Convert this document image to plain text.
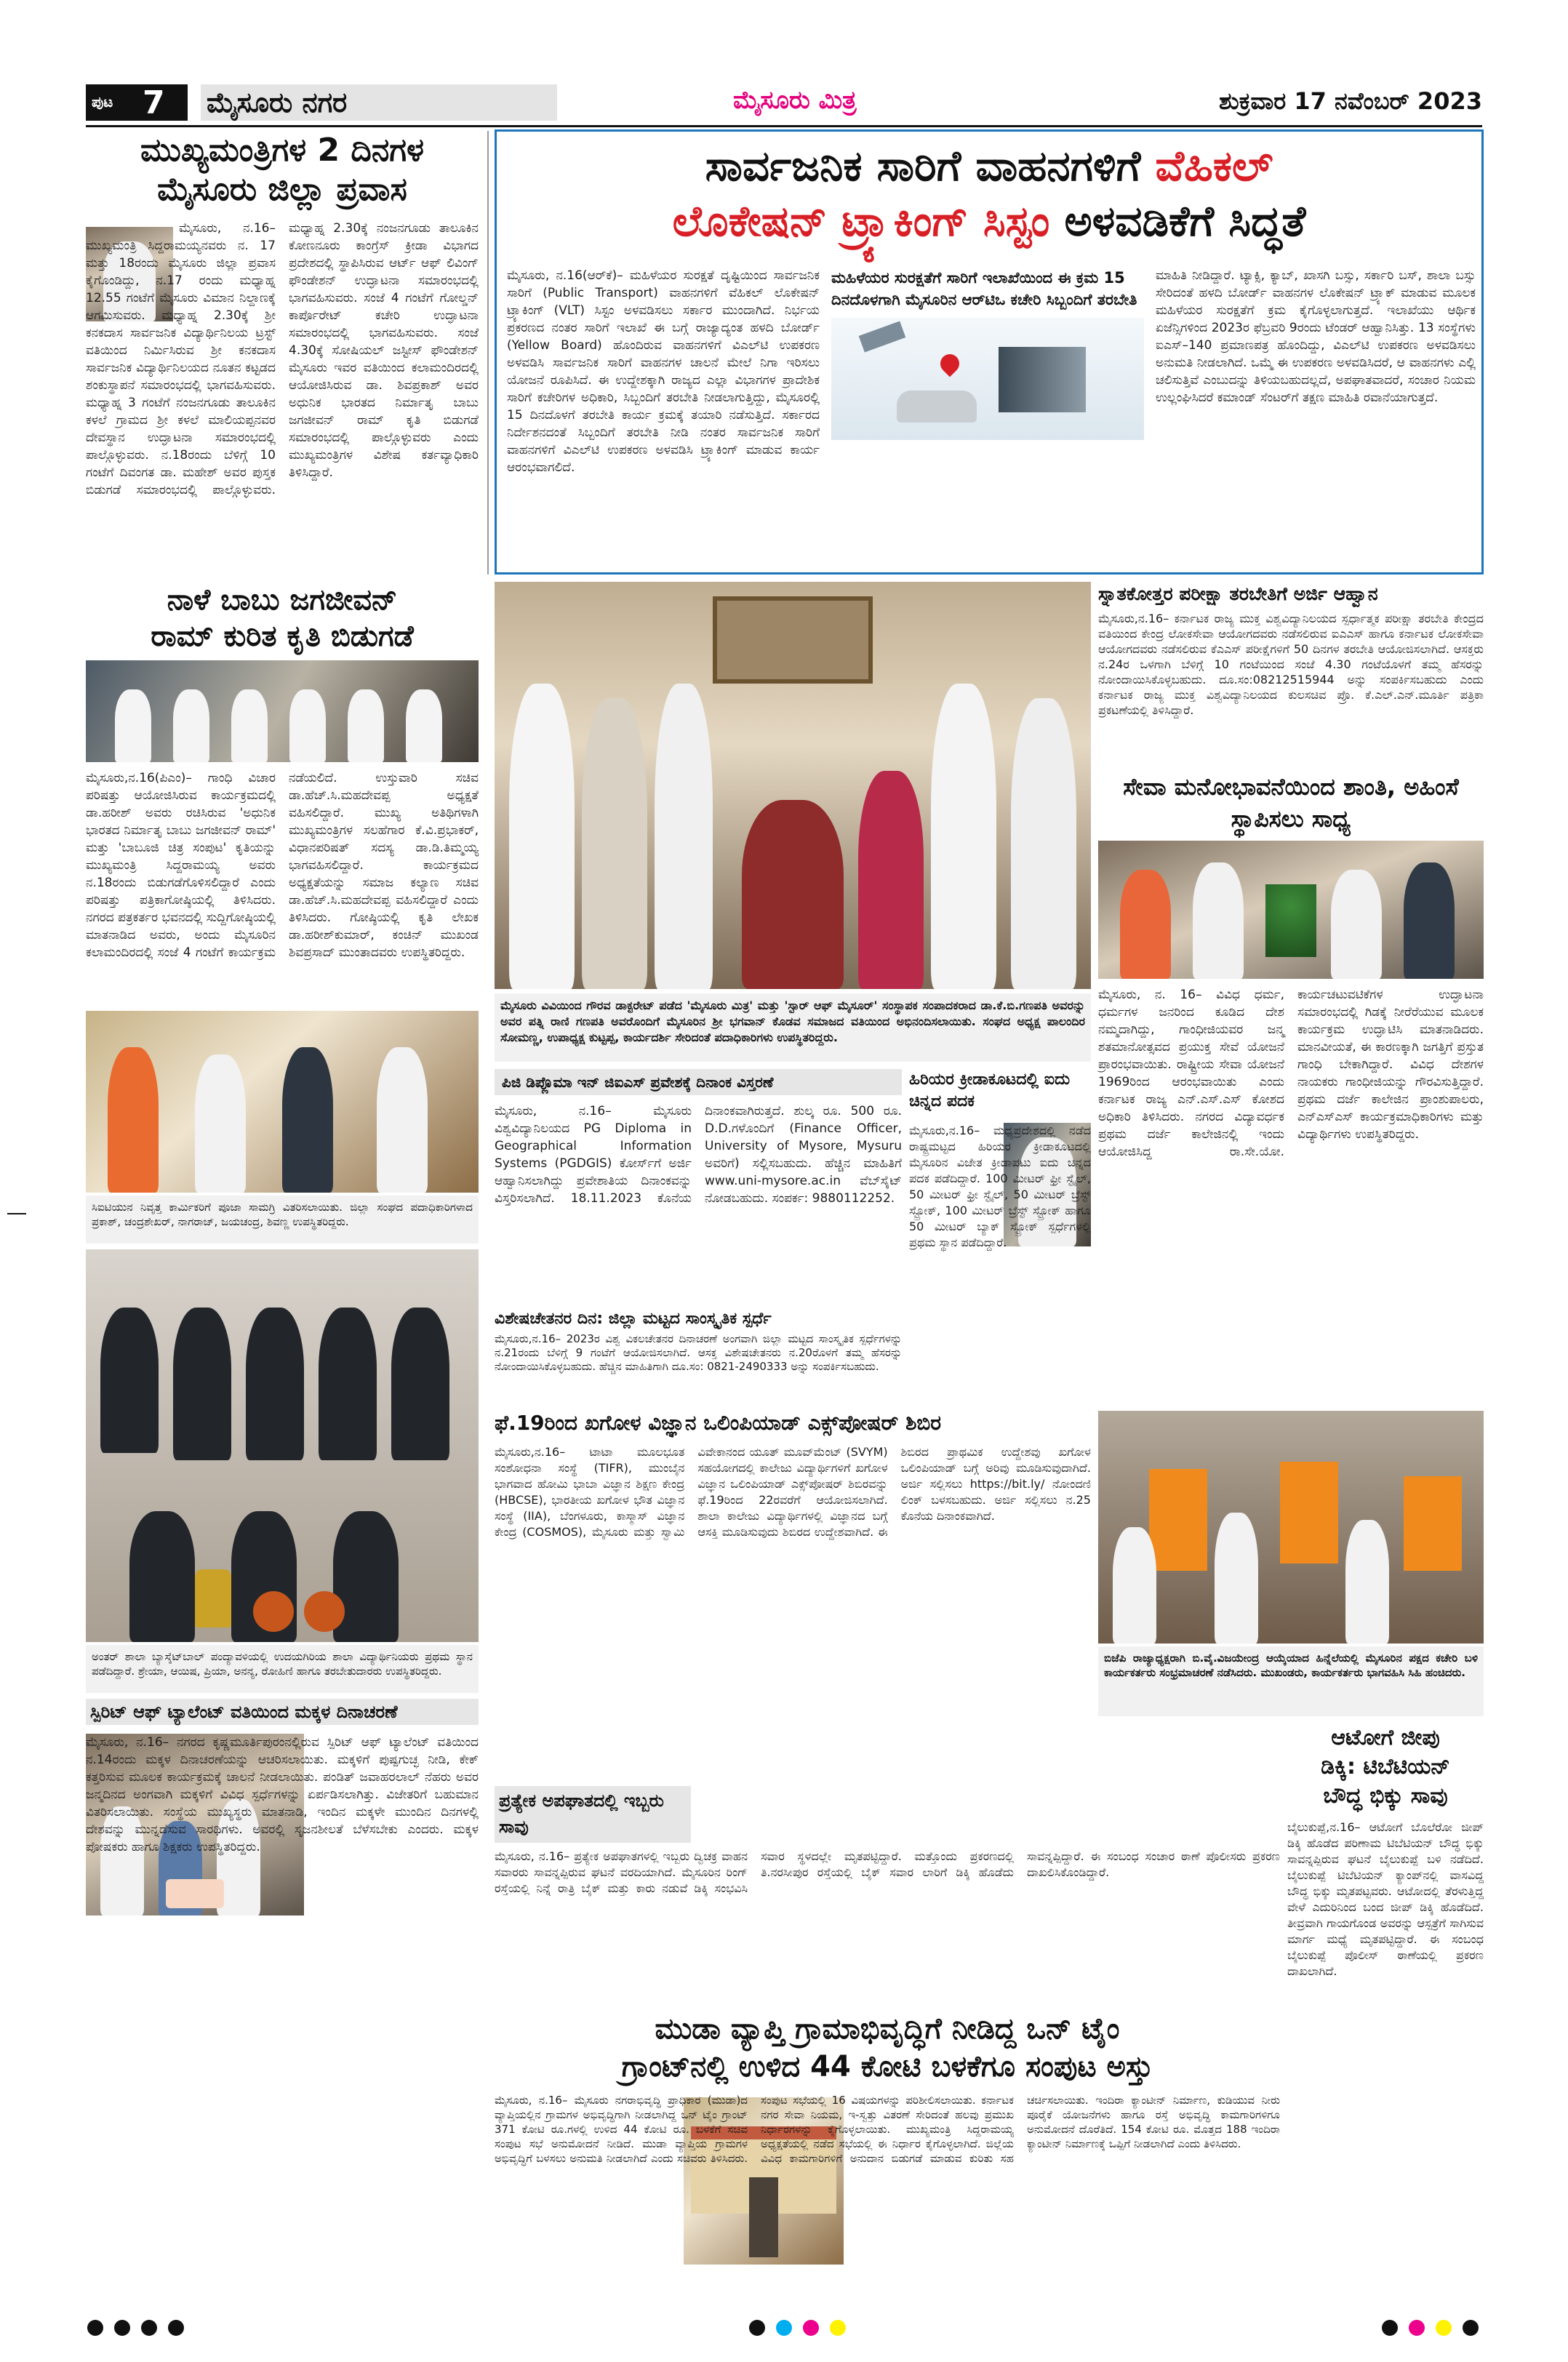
ಪುಟ 7 ಮೈಸೂರು ನಗರ	ಮೈಸೂರು ಮಿತ್ರ	ಶುಕ್ರವಾರ 17 ನವೆಂಬರ್ 2023
ಮುಖ್ಯಮಂತ್ರಿಗಳ 2 ದಿನಗಳ
ಮೈಸೂರು ಜಿಲ್ಲಾ ಪ್ರವಾಸ
ಮೈಸೂರು, ನ.16– ಮುಖ್ಯಮಂತ್ರಿ ಸಿದ್ದರಾಮಯ್ಯನವರು ನ. 17 ಮತ್ತು 18ರಂದು ಮೈಸೂರು ಜಿಲ್ಲಾ ಪ್ರವಾಸ ಕೈಗೊಂಡಿದ್ದು, ನ.17 ರಂದು ಮಧ್ಯಾಹ್ನ 12.55 ಗಂಟೆಗೆ ಮೈಸೂರು ವಿಮಾನ ನಿಲ್ದಾಣಕ್ಕೆ ಆಗಮಿಸುವರು. ಮಧ್ಯಾಹ್ನ 2.30ಕ್ಕೆ ಶ್ರೀ ಕನಕದಾಸ ಸಾರ್ವಜನಿಕ ವಿದ್ಯಾರ್ಥಿನಿಲಯ ಟ್ರಸ್ಟ್ ವತಿಯಿಂದ ನಿರ್ಮಿಸಿರುವ ಶ್ರೀ ಕನಕದಾಸ ಸಾರ್ವಜನಿಕ ವಿದ್ಯಾರ್ಥಿನಿಲಯದ ನೂತನ ಕಟ್ಟಡದ ಶಂಕುಸ್ಥಾಪನೆ ಸಮಾರಂಭದಲ್ಲಿ ಭಾಗವಹಿಸುವರು. ಮಧ್ಯಾಹ್ನ 3 ಗಂಟೆಗೆ ನಂಜನಗೂಡು ತಾಲೂಕಿನ ಕಳಲೆ ಗ್ರಾಮದ ಶ್ರೀ ಕಳಲೆ ಮಾಲಿಯಪ್ಪನವರ ದೇವಸ್ಥಾನ ಉದ್ಘಾಟನಾ ಸಮಾರಂಭದಲ್ಲಿ ಪಾಲ್ಗೊಳ್ಳುವರು. ನ.18ರಂದು ಬೆಳಿಗ್ಗೆ 10 ಗಂಟೆಗೆ ದಿವಂಗತ ಡಾ. ಮಹೇಶ್ ಅವರ ಪುಸ್ತಕ ಬಿಡುಗಡೆ ಸಮಾರಂಭದಲ್ಲಿ ಪಾಲ್ಗೊಳ್ಳುವರು. ಮಧ್ಯಾಹ್ನ 2.30ಕ್ಕೆ ನಂಜನಗೂಡು ತಾಲೂಕಿನ ಕೋಣನೂರು ಕಾಂಗ್ರೆಸ್ ಕ್ರೀಡಾ ವಿಭಾಗದ ಪ್ರದೇಶದಲ್ಲಿ ಸ್ಥಾಪಿಸಿರುವ ಆರ್ಟ್ ಆಫ್ ಲಿವಿಂಗ್ ಫೌಂಡೇಶನ್ ಉದ್ಘಾಟನಾ ಸಮಾರಂಭದಲ್ಲಿ ಭಾಗವಹಿಸುವರು. ಸಂಜೆ 4 ಗಂಟೆಗೆ ಗೋಲ್ಡನ್ ಕಾರ್ಪೊರೇಟ್ ಕಚೇರಿ ಉದ್ಘಾಟನಾ ಸಮಾರಂಭದಲ್ಲಿ ಭಾಗವಹಿಸುವರು. ಸಂಜೆ 4.30ಕ್ಕೆ ಸೋಷಿಯಲ್ ಜಸ್ಟೀಸ್ ಫೌಂಡೇಶನ್ ಮೈಸೂರು ಇವರ ವತಿಯಿಂದ ಕಲಾಮಂದಿರದಲ್ಲಿ ಆಯೋಜಿಸಿರುವ ಡಾ. ಶಿವಪ್ರಕಾಶ್ ಅವರ ಅಧುನಿಕ ಭಾರತದ ನಿರ್ಮಾತೃ ಬಾಬು ಜಗಜೀವನ್ ರಾಮ್ ಕೃತಿ ಬಿಡುಗಡೆ ಸಮಾರಂಭದಲ್ಲಿ ಪಾಲ್ಗೊಳ್ಳುವರು ಎಂದು ಮುಖ್ಯಮಂತ್ರಿಗಳ ವಿಶೇಷ ಕರ್ತವ್ಯಾಧಿಕಾರಿ ತಿಳಿಸಿದ್ದಾರೆ.
ಸಾರ್ವಜನಿಕ ಸಾರಿಗೆ ವಾಹನಗಳಿಗೆ ವೆಹಿಕಲ್
ಲೊಕೇಷನ್ ಟ್ರ್ಯಾಕಿಂಗ್ ಸಿಸ್ಟಂ ಅಳವಡಿಕೆಗೆ ಸಿದ್ಧತೆ
ಮೈಸೂರು, ನ.16(ಆರ್‌ಕೆ)– ಮಹಿಳೆಯರ ಸುರಕ್ಷತೆ ದೃಷ್ಟಿಯಿಂದ ಸಾರ್ವಜನಿಕ ಸಾರಿಗೆ (Public Transport) ವಾಹನಗಳಿಗೆ ವೆಹಿಕಲ್ ಲೊಕೇಷನ್ ಟ್ರ್ಯಾಕಿಂಗ್ (VLT) ಸಿಸ್ಟಂ ಅಳವಡಿಸಲು ಸರ್ಕಾರ ಮುಂದಾಗಿದೆ. ನಿರ್ಭಯ ಪ್ರಕರಣದ ನಂತರ ಸಾರಿಗೆ ಇಲಾಖೆ ಈ ಬಗ್ಗೆ ರಾಜ್ಯಾದ್ಯಂತ ಹಳದಿ ಬೋರ್ಡ್ (Yellow Board) ಹೊಂದಿರುವ ವಾಹನಗಳಿಗೆ ವಿಎಲ್‌ಟಿ ಉಪಕರಣ ಅಳವಡಿಸಿ ಸಾರ್ವಜನಿಕ ಸಾರಿಗೆ ವಾಹನಗಳ ಚಾಲನೆ ಮೇಲೆ ನಿಗಾ ಇರಿಸಲು ಯೋಜನೆ ರೂಪಿಸಿದೆ. ಈ ಉದ್ದೇಶಕ್ಕಾಗಿ ರಾಜ್ಯದ ಎಲ್ಲಾ ವಿಭಾಗಗಳ ಪ್ರಾದೇಶಿಕ ಸಾರಿಗೆ ಕಚೇರಿಗಳ ಅಧಿಕಾರಿ, ಸಿಬ್ಬಂದಿಗೆ ತರಬೇತಿ ನೀಡಲಾಗುತ್ತಿದ್ದು, ಮೈಸೂರಲ್ಲಿ 15 ದಿನದೊಳಗೆ ತರಬೇತಿ ಕಾರ್ಯ ಕ್ರಮಕ್ಕೆ ತಯಾರಿ ನಡೆಸುತ್ತಿದೆ. ಸರ್ಕಾರದ ನಿರ್ದೇಶನದಂತೆ ಸಿಬ್ಬಂದಿಗೆ ತರಬೇತಿ ನೀಡಿ ನಂತರ ಸಾರ್ವಜನಿಕ ಸಾರಿಗೆ ವಾಹನಗಳಿಗೆ ವಿಎಲ್‌ಟಿ ಉಪಕರಣ ಅಳವಡಿಸಿ ಟ್ರ್ಯಾಕಿಂಗ್ ಮಾಡುವ ಕಾರ್ಯ ಆರಂಭವಾಗಲಿದೆ.
ಮಹಿಳೆಯರ ಸುರಕ್ಷತೆಗೆ ಸಾರಿಗೆ ಇಲಾಖೆಯಿಂದ ಈ ಕ್ರಮ 15 ದಿನದೊಳಗಾಗಿ ಮೈಸೂರಿನ ಆರ್‌ಟಿಒ ಕಚೇರಿ ಸಿಬ್ಬಂದಿಗೆ ತರಬೇತಿ
ಮಾಹಿತಿ ನೀಡಿದ್ದಾರೆ. ಟ್ಯಾಕ್ಸಿ, ಕ್ಯಾಬ್, ಖಾಸಗಿ ಬಸ್ಸು, ಸರ್ಕಾರಿ ಬಸ್, ಶಾಲಾ ಬಸ್ಸು ಸೇರಿದಂತೆ ಹಳದಿ ಬೋರ್ಡ್ ವಾಹನಗಳ ಲೊಕೇಷನ್ ಟ್ರ್ಯಾಕ್ ಮಾಡುವ ಮೂಲಕ ಮಹಿಳೆಯರ ಸುರಕ್ಷತೆಗೆ ಕ್ರಮ ಕೈಗೊಳ್ಳಲಾಗುತ್ತದೆ. ಇಲಾಖೆಯು ಆರ್ಥಿಕ ಏಜೆನ್ಸಿಗಳಿಂದ 2023ರ ಫೆಬ್ರವರಿ 9ರಂದು ಟೆಂಡರ್ ಆಹ್ವಾನಿಸಿತ್ತು. 13 ಸಂಸ್ಥೆಗಳು ಐಎಸ್–140 ಪ್ರಮಾಣಪತ್ರ ಹೊಂದಿದ್ದು, ವಿಎಲ್‌ಟಿ ಉಪಕರಣ ಅಳವಡಿಸಲು ಅನುಮತಿ ನೀಡಲಾಗಿದೆ. ಒಮ್ಮೆ ಈ ಉಪಕರಣ ಅಳವಡಿಸಿದರೆ, ಆ ವಾಹನಗಳು ಎಲ್ಲಿ ಚಲಿಸುತ್ತಿವೆ ಎಂಬುದನ್ನು ತಿಳಿಯಬಹುದಲ್ಲದೆ, ಅಪಘಾತವಾದರೆ, ಸಂಚಾರ ನಿಯಮ ಉಲ್ಲಂಘಿಸಿದರೆ ಕಮಾಂಡ್ ಸೆಂಟರ್‌ಗೆ ತಕ್ಷಣ ಮಾಹಿತಿ ರವಾನೆಯಾಗುತ್ತದೆ.
ನಾಳೆ ಬಾಬು ಜಗಜೀವನ್
ರಾಮ್ ಕುರಿತ ಕೃತಿ ಬಿಡುಗಡೆ
ಮೈಸೂರು,ನ.16(ಪಿಎಂ)– ಗಾಂಧಿ ವಿಚಾರ ಪರಿಷತ್ತು ಆಯೋಜಿಸಿರುವ ಕಾರ್ಯಕ್ರಮದಲ್ಲಿ ಡಾ.ಹರೀಶ್ ಅವರು ರಚಿಸಿರುವ 'ಅಧುನಿಕ ಭಾರತದ ನಿರ್ಮಾತೃ ಬಾಬು ಜಗಜೀವನ್ ರಾಮ್' ಮತ್ತು 'ಬಾಬೂಜಿ ಚಿತ್ರ ಸಂಪುಟ' ಕೃತಿಯನ್ನು ಮುಖ್ಯಮಂತ್ರಿ ಸಿದ್ದರಾಮಯ್ಯ ಅವರು ನ.18ರಂದು ಬಿಡುಗಡೆಗೊಳಿಸಲಿದ್ದಾರೆ ಎಂದು ಪರಿಷತ್ತು ಪತ್ರಿಕಾಗೋಷ್ಠಿಯಲ್ಲಿ ತಿಳಿಸಿದರು. ನಗರದ ಪತ್ರಕರ್ತರ ಭವನದಲ್ಲಿ ಸುದ್ದಿಗೋಷ್ಠಿಯಲ್ಲಿ ಮಾತನಾಡಿದ ಅವರು, ಅಂದು ಮೈಸೂರಿನ ಕಲಾಮಂದಿರದಲ್ಲಿ ಸಂಜೆ 4 ಗಂಟೆಗೆ ಕಾರ್ಯಕ್ರಮ ನಡೆಯಲಿದೆ. ಉಸ್ತುವಾರಿ ಸಚಿವ ಡಾ.ಹೆಚ್.ಸಿ.ಮಹದೇವಪ್ಪ ಅಧ್ಯಕ್ಷತೆ ವಹಿಸಲಿದ್ದಾರೆ. ಮುಖ್ಯ ಅತಿಥಿಗಳಾಗಿ ಮುಖ್ಯಮಂತ್ರಿಗಳ ಸಲಹೆಗಾರ ಕೆ.ವಿ.ಪ್ರಭಾಕರ್, ವಿಧಾನಪರಿಷತ್ ಸದಸ್ಯ ಡಾ.ಡಿ.ತಿಮ್ಮಯ್ಯ ಭಾಗವಹಿಸಲಿದ್ದಾರೆ. ಕಾರ್ಯಕ್ರಮದ ಅಧ್ಯಕ್ಷತೆಯನ್ನು ಸಮಾಜ ಕಲ್ಯಾಣ ಸಚಿವ ಡಾ.ಹೆಚ್.ಸಿ.ಮಹದೇವಪ್ಪ ವಹಿಸಲಿದ್ದಾರೆ ಎಂದು ತಿಳಿಸಿದರು. ಗೋಷ್ಠಿಯಲ್ಲಿ ಕೃತಿ ಲೇಖಕ ಡಾ.ಹರೀಶ್‌ಕುಮಾರ್, ಕಂಚಿನ್ ಮುಖಂಡ ಶಿವಪ್ರಸಾದ್ ಮುಂತಾದವರು ಉಪಸ್ಥಿತರಿದ್ದರು.
ಸಿಐಟಿಯುನ ನಿವೃತ್ತ ಕಾರ್ಮಿಕರಿಗೆ ಪೂಜಾ ಸಾಮಗ್ರಿ ವಿತರಿಸಲಾಯಿತು. ಜಿಲ್ಲಾ ಸಂಘದ ಪದಾಧಿಕಾರಿಗಳಾದ ಪ್ರಕಾಶ್, ಚಂದ್ರಶೇಖರ್, ನಾಗರಾಜ್, ಜಯಚಂದ್ರ, ಶಿವಣ್ಣ ಉಪಸ್ಥಿತರಿದ್ದರು.
ಅಂತರ್ ಶಾಲಾ ಬ್ಯಾಸ್ಕೆಟ್‌ಬಾಲ್ ಪಂದ್ಯಾವಳಿಯಲ್ಲಿ ಉದಯಗಿರಿಯ ಶಾಲಾ ವಿದ್ಯಾರ್ಥಿನಿಯರು ಪ್ರಥಮ ಸ್ಥಾನ ಪಡೆದಿದ್ದಾರೆ. ಶ್ರೇಯಾ, ಆಯಿಷ, ಪ್ರಿಯಾ, ಅನನ್ಯ, ರೋಹಿಣಿ ಹಾಗೂ ತರಬೇತುದಾರರು ಉಪಸ್ಥಿತರಿದ್ದರು.
ಸ್ಪಿರಿಟ್ ಆಫ್ ಟ್ಯಾಲೆಂಟ್ ವತಿಯಿಂದ ಮಕ್ಕಳ ದಿನಾಚರಣೆ
ಮೈಸೂರು, ನ.16– ನಗರದ ಕೃಷ್ಣಮೂರ್ತಿಪುರಂನಲ್ಲಿರುವ ಸ್ಪಿರಿಟ್ ಆಫ್ ಟ್ಯಾಲೆಂಟ್ ವತಿಯಿಂದ ನ.14ರಂದು ಮಕ್ಕಳ ದಿನಾಚರಣೆಯನ್ನು ಆಚರಿಸಲಾಯಿತು. ಮಕ್ಕಳಿಗೆ ಪುಷ್ಪಗುಚ್ಛ ನೀಡಿ, ಕೇಕ್ ಕತ್ತರಿಸುವ ಮೂಲಕ ಕಾರ್ಯಕ್ರಮಕ್ಕೆ ಚಾಲನೆ ನೀಡಲಾಯಿತು. ಪಂಡಿತ್ ಜವಾಹರಲಾಲ್ ನೆಹರು ಅವರ ಜನ್ಮದಿನದ ಅಂಗವಾಗಿ ಮಕ್ಕಳಿಗೆ ವಿವಿಧ ಸ್ಪರ್ಧೆಗಳನ್ನು ಏರ್ಪಡಿಸಲಾಗಿತ್ತು. ವಿಜೇತರಿಗೆ ಬಹುಮಾನ ವಿತರಿಸಲಾಯಿತು. ಸಂಸ್ಥೆಯ ಮುಖ್ಯಸ್ಥರು ಮಾತನಾಡಿ, ಇಂದಿನ ಮಕ್ಕಳೇ ಮುಂದಿನ ದಿನಗಳಲ್ಲಿ ದೇಶವನ್ನು ಮುನ್ನಡೆಸುವ ಸಾರಥಿಗಳು. ಅವರಲ್ಲಿ ಸೃಜನಶೀಲತೆ ಬೆಳೆಸಬೇಕು ಎಂದರು. ಮಕ್ಕಳ ಪೋಷಕರು ಹಾಗೂ ಶಿಕ್ಷಕರು ಉಪಸ್ಥಿತರಿದ್ದರು.
ಮೈಸೂರು ವಿವಿಯಿಂದ ಗೌರವ ಡಾಕ್ಟರೇಟ್ ಪಡೆದ 'ಮೈಸೂರು ಮಿತ್ರ' ಮತ್ತು 'ಸ್ಟಾರ್ ಆಫ್ ಮೈಸೂರ್' ಸಂಸ್ಥಾಪಕ ಸಂಪಾದಕರಾದ ಡಾ.ಕೆ.ಬಿ.ಗಣಪತಿ ಅವರನ್ನು ಅವರ ಪತ್ನಿ ರಾಣಿ ಗಣಪತಿ ಅವರೊಂದಿಗೆ ಮೈಸೂರಿನ ಶ್ರೀ ಭಗವಾನ್ ಕೊಡವ ಸಮಾಜದ ವತಿಯಿಂದ ಅಭಿನಂದಿಸಲಾಯಿತು. ಸಂಘದ ಅಧ್ಯಕ್ಷ ಪಾಲಂದಿರ ಸೋಮಣ್ಣ, ಉಪಾಧ್ಯಕ್ಷ ಕುಟ್ಟಪ್ಪ, ಕಾರ್ಯದರ್ಶಿ ಸೇರಿದಂತೆ ಪದಾಧಿಕಾರಿಗಳು ಉಪಸ್ಥಿತರಿದ್ದರು.
ಪಿಜಿ ಡಿಪ್ಲೊಮಾ ಇನ್ ಜಿಐಎಸ್ ಪ್ರವೇಶಕ್ಕೆ ದಿನಾಂಕ ವಿಸ್ತರಣೆ
ಮೈಸೂರು, ನ.16– ಮೈಸೂರು ವಿಶ್ವವಿದ್ಯಾನಿಲಯದ PG Diploma in Geographical Information Systems (PGDGIS) ಕೋರ್ಸ್‌ಗೆ ಅರ್ಜಿ ಆಹ್ವಾನಿಸಲಾಗಿದ್ದು ಪ್ರವೇಶಾತಿಯ ದಿನಾಂಕವನ್ನು ವಿಸ್ತರಿಸಲಾಗಿದೆ. 18.11.2023 ಕೊನೆಯ ದಿನಾಂಕವಾಗಿರುತ್ತದೆ. ಶುಲ್ಕ ರೂ. 500 ರೂ. D.D.ಗಳೊಂದಿಗೆ (Finance Officer, University of Mysore, Mysuru ಅವರಿಗೆ) ಸಲ್ಲಿಸಬಹುದು. ಹೆಚ್ಚಿನ ಮಾಹಿತಿಗೆ www.uni-mysore.ac.in ವೆಬ್‌ಸೈಟ್ ನೋಡಬಹುದು. ಸಂಪರ್ಕ: 9880112252.
ಹಿರಿಯರ ಕ್ರೀಡಾಕೂಟದಲ್ಲಿ ಐದು ಚಿನ್ನದ ಪದಕ
ಮೈಸೂರು,ನ.16– ಮಧ್ಯಪ್ರದೇಶದಲ್ಲಿ ನಡೆದ ರಾಷ್ಟ್ರಮಟ್ಟದ ಹಿರಿಯರ ಕ್ರೀಡಾಕೂಟದಲ್ಲಿ ಮೈಸೂರಿನ ವಿಜೇತ ಕ್ರೀಡಾಪಟು ಐದು ಚಿನ್ನದ ಪದಕ ಪಡೆದಿದ್ದಾರೆ. 100 ಮೀಟರ್ ಫ್ರೀ ಸ್ಟೈಲ್, 50 ಮೀಟರ್ ಫ್ರೀ ಸ್ಟೈಲ್, 50 ಮೀಟರ್ ಬ್ರೆಸ್ಟ್ ಸ್ಟ್ರೋಕ್, 100 ಮೀಟರ್ ಬ್ರೆಸ್ಟ್ ಸ್ಟ್ರೋಕ್ ಹಾಗೂ 50 ಮೀಟರ್ ಬ್ಯಾಕ್ ಸ್ಟ್ರೋಕ್ ಸ್ಪರ್ಧೆಗಳಲ್ಲಿ ಪ್ರಥಮ ಸ್ಥಾನ ಪಡೆದಿದ್ದಾರೆ.
ವಿಶೇಷಚೇತನರ ದಿನ: ಜಿಲ್ಲಾ ಮಟ್ಟದ ಸಾಂಸ್ಕೃತಿಕ ಸ್ಪರ್ಧೆ
ಮೈಸೂರು,ನ.16– 2023ರ ವಿಶ್ವ ವಿಕಲಚೇತನರ ದಿನಾಚರಣೆ ಅಂಗವಾಗಿ ಜಿಲ್ಲಾ ಮಟ್ಟದ ಸಾಂಸ್ಕೃತಿಕ ಸ್ಪರ್ಧೆಗಳನ್ನು ನ.21ರಂದು ಬೆಳಿಗ್ಗೆ 9 ಗಂಟೆಗೆ ಆಯೋಜಿಸಲಾಗಿದೆ. ಆಸಕ್ತ ವಿಶೇಷಚೇತನರು ನ.20ರೊಳಗೆ ತಮ್ಮ ಹೆಸರನ್ನು ನೋಂದಾಯಿಸಿಕೊಳ್ಳಬಹುದು. ಹೆಚ್ಚಿನ ಮಾಹಿತಿಗಾಗಿ ದೂ.ಸಂ: 0821-2490333 ಅನ್ನು ಸಂಪರ್ಕಿಸಬಹುದು.
ಸ್ನಾತಕೋತ್ತರ ಪರೀಕ್ಷಾ ತರಬೇತಿಗೆ ಅರ್ಜಿ ಆಹ್ವಾನ
ಮೈಸೂರು,ನ.16– ಕರ್ನಾಟಕ ರಾಜ್ಯ ಮುಕ್ತ ವಿಶ್ವವಿದ್ಯಾನಿಲಯದ ಸ್ಪರ್ಧಾತ್ಮಕ ಪರೀಕ್ಷಾ ತರಬೇತಿ ಕೇಂದ್ರದ ವತಿಯಿಂದ ಕೇಂದ್ರ ಲೋಕಸೇವಾ ಆಯೋಗದವರು ನಡೆಸಲಿರುವ ಐಎಎಸ್ ಹಾಗೂ ಕರ್ನಾಟಕ ಲೋಕಸೇವಾ ಆಯೋಗದವರು ನಡೆಸಲಿರುವ ಕೆಎಎಸ್ ಪರೀಕ್ಷೆಗಳಿಗೆ 50 ದಿನಗಳ ತರಬೇತಿ ಆಯೋಜಿಸಲಾಗಿದೆ. ಆಸಕ್ತರು ನ.24ರ ಒಳಗಾಗಿ ಬೆಳಿಗ್ಗೆ 10 ಗಂಟೆಯಿಂದ ಸಂಜೆ 4.30 ಗಂಟೆಯೊಳಗೆ ತಮ್ಮ ಹೆಸರನ್ನು ನೋಂದಾಯಿಸಿಕೊಳ್ಳಬಹುದು. ದೂ.ಸಂ:08212515944 ಅನ್ನು ಸಂಪರ್ಕಿಸಬಹುದು ಎಂದು ಕರ್ನಾಟಕ ರಾಜ್ಯ ಮುಕ್ತ ವಿಶ್ವವಿದ್ಯಾನಿಲಯದ ಕುಲಸಚಿವ ಪ್ರೊ. ಕೆ.ಎಲ್.ಎನ್.ಮೂರ್ತಿ ಪತ್ರಿಕಾ ಪ್ರಕಟಣೆಯಲ್ಲಿ ತಿಳಿಸಿದ್ದಾರೆ.
ಸೇವಾ ಮನೋಭಾವನೆಯಿಂದ ಶಾಂತಿ, ಅಹಿಂಸೆ ಸ್ಥಾಪಿಸಲು ಸಾಧ್ಯ
ಮೈಸೂರು, ನ. 16– ವಿವಿಧ ಧರ್ಮ, ಧರ್ಮಗಳ ಜನರಿಂದ ಕೂಡಿದ ದೇಶ ನಮ್ಮದಾಗಿದ್ದು, ಗಾಂಧೀಜಿಯವರ ಜನ್ಮ ಶತಮಾನೋತ್ಸವದ ಪ್ರಯುಕ್ತ ಸೇವೆ ಯೋಜನೆ ಪ್ರಾರಂಭವಾಯಿತು. ರಾಷ್ಟ್ರೀಯ ಸೇವಾ ಯೋಜನೆ 1969ರಿಂದ ಆರಂಭವಾಯಿತು ಎಂದು ಕರ್ನಾಟಕ ರಾಜ್ಯ ಎನ್.ಎಸ್.ಎಸ್ ಕೋಶದ ಅಧಿಕಾರಿ ತಿಳಿಸಿದರು. ನಗರದ ವಿದ್ಯಾವರ್ಧಕ ಪ್ರಥಮ ದರ್ಜೆ ಕಾಲೇಜಿನಲ್ಲಿ ಇಂದು ಆಯೋಜಿಸಿದ್ದ ರಾ.ಸೇ.ಯೋ. ಕಾರ್ಯಚಟುವಟಿಕೆಗಳ ಉದ್ಘಾಟನಾ ಸಮಾರಂಭದಲ್ಲಿ ಗಿಡಕ್ಕೆ ನೀರೆರೆಯುವ ಮೂಲಕ ಕಾರ್ಯಕ್ರಮ ಉದ್ಘಾಟಿಸಿ ಮಾತನಾಡಿದರು. ಮಾನವೀಯತೆ, ಈ ಕಾರಣಕ್ಕಾಗಿ ಜಗತ್ತಿಗೆ ಪ್ರಸ್ತುತ ಗಾಂಧಿ ಬೇಕಾಗಿದ್ದಾರೆ. ವಿವಿಧ ದೇಶಗಳ ನಾಯಕರು ಗಾಂಧೀಜಿಯನ್ನು ಗೌರವಿಸುತ್ತಿದ್ದಾರೆ. ಪ್ರಥಮ ದರ್ಜೆ ಕಾಲೇಜಿನ ಪ್ರಾಂಶುಪಾಲರು, ಎನ್‌ಎಸ್‌ಎಸ್ ಕಾರ್ಯಕ್ರಮಾಧಿಕಾರಿಗಳು ಮತ್ತು ವಿದ್ಯಾರ್ಥಿಗಳು ಉಪಸ್ಥಿತರಿದ್ದರು.
ಫೆ.19ರಿಂದ ಖಗೋಳ ವಿಜ್ಞಾನ ಒಲಿಂಪಿಯಾಡ್ ಎಕ್ಸ್‌ಪೋಷರ್ ಶಿಬಿರ
ಮೈಸೂರು,ನ.16– ಟಾಟಾ ಮೂಲಭೂತ ಸಂಶೋಧನಾ ಸಂಸ್ಥೆ (TIFR), ಮುಂಬೈನ ಭಾಗವಾದ ಹೋಮಿ ಭಾಬಾ ವಿಜ್ಞಾನ ಶಿಕ್ಷಣ ಕೇಂದ್ರ (HBCSE), ಭಾರತೀಯ ಖಗೋಳ ಭೌತ ವಿಜ್ಞಾನ ಸಂಸ್ಥೆ (IIA), ಬೆಂಗಳೂರು, ಕಾಸ್ಮಾಸ್ ವಿಜ್ಞಾನ ಕೇಂದ್ರ (COSMOS), ಮೈಸೂರು ಮತ್ತು ಸ್ವಾಮಿ ವಿವೇಕಾನಂದ ಯೂತ್ ಮೂವ್‌ಮೆಂಟ್ (SVYM) ಸಹಯೋಗದಲ್ಲಿ ಕಾಲೇಜು ವಿದ್ಯಾರ್ಥಿಗಳಿಗೆ ಖಗೋಳ ವಿಜ್ಞಾನ ಒಲಿಂಪಿಯಾಡ್ ಎಕ್ಸ್‌ಪೋಷರ್ ಶಿಬಿರವನ್ನು ಫೆ.19ರಿಂದ 22ರವರೆಗೆ ಆಯೋಜಿಸಲಾಗಿದೆ. ಶಾಲಾ ಕಾಲೇಜು ವಿದ್ಯಾರ್ಥಿಗಳಲ್ಲಿ ವಿಜ್ಞಾನದ ಬಗ್ಗೆ ಆಸಕ್ತಿ ಮೂಡಿಸುವುದು ಶಿಬಿರದ ಉದ್ದೇಶವಾಗಿದೆ. ಈ ಶಿಬಿರದ ಪ್ರಾಥಮಿಕ ಉದ್ದೇಶವು ಖಗೋಳ ಒಲಿಂಪಿಯಾಡ್ ಬಗ್ಗೆ ಅರಿವು ಮೂಡಿಸುವುದಾಗಿದೆ. ಅರ್ಜಿ ಸಲ್ಲಿಸಲು https://bit.ly/ ನೋಂದಣಿ ಲಿಂಕ್ ಬಳಸಬಹುದು. ಅರ್ಜಿ ಸಲ್ಲಿಸಲು ನ.25 ಕೊನೆಯ ದಿನಾಂಕವಾಗಿದೆ.
ಬಿಜೆಪಿ ರಾಜ್ಯಾಧ್ಯಕ್ಷರಾಗಿ ಬಿ.ವೈ.ವಿಜಯೇಂದ್ರ ಆಯ್ಕೆಯಾದ ಹಿನ್ನೆಲೆಯಲ್ಲಿ ಮೈಸೂರಿನ ಪಕ್ಷದ ಕಚೇರಿ ಬಳಿ ಕಾರ್ಯಕರ್ತರು ಸಂಭ್ರಮಾಚರಣೆ ನಡೆಸಿದರು. ಮುಖಂಡರು, ಕಾರ್ಯಕರ್ತರು ಭಾಗವಹಿಸಿ ಸಿಹಿ ಹಂಚಿದರು.
ಪ್ರತ್ಯೇಕ ಅಪಘಾತದಲ್ಲಿ ಇಬ್ಬರು ಸಾವು
ಮೈಸೂರು, ನ.16– ಪ್ರತ್ಯೇಕ ಅಪಘಾತಗಳಲ್ಲಿ ಇಬ್ಬರು ದ್ವಿಚಕ್ರ ವಾಹನ ಸವಾರರು ಸಾವನ್ನಪ್ಪಿರುವ ಘಟನೆ ವರದಿಯಾಗಿದೆ. ಮೈಸೂರಿನ ರಿಂಗ್ ರಸ್ತೆಯಲ್ಲಿ ನಿನ್ನೆ ರಾತ್ರಿ ಬೈಕ್ ಮತ್ತು ಕಾರು ನಡುವೆ ಡಿಕ್ಕಿ ಸಂಭವಿಸಿ ಸವಾರ ಸ್ಥಳದಲ್ಲೇ ಮೃತಪಟ್ಟಿದ್ದಾರೆ. ಮತ್ತೊಂದು ಪ್ರಕರಣದಲ್ಲಿ ತಿ.ನರಸೀಪುರ ರಸ್ತೆಯಲ್ಲಿ ಬೈಕ್ ಸವಾರ ಲಾರಿಗೆ ಡಿಕ್ಕಿ ಹೊಡೆದು ಸಾವನ್ನಪ್ಪಿದ್ದಾರೆ. ಈ ಸಂಬಂಧ ಸಂಚಾರ ಠಾಣೆ ಪೊಲೀಸರು ಪ್ರಕರಣ ದಾಖಲಿಸಿಕೊಂಡಿದ್ದಾರೆ.
ಆಟೋಗೆ ಜೀಪು
ಡಿಕ್ಕಿ: ಟಿಬೆಟಿಯನ್
ಬೌದ್ಧ ಭಿಕ್ಕು ಸಾವು
ಬೈಲುಕುಪ್ಪೆ,ನ.16– ಆಟೋಗೆ ಬೊಲೆರೋ ಜೀಪ್ ಡಿಕ್ಕಿ ಹೊಡೆದ ಪರಿಣಾಮ ಟಿಬೆಟಿಯನ್ ಬೌದ್ಧ ಭಿಕ್ಕು ಸಾವನ್ನಪ್ಪಿರುವ ಘಟನೆ ಬೈಲುಕುಪ್ಪೆ ಬಳಿ ನಡೆದಿದೆ. ಬೈಲುಕುಪ್ಪೆ ಟಿಬೆಟಿಯನ್ ಕ್ಯಾಂಪ್‌ನಲ್ಲಿ ವಾಸವಿದ್ದ ಬೌದ್ಧ ಭಿಕ್ಕು ಮೃತಪಟ್ಟವರು. ಆಟೋದಲ್ಲಿ ತೆರಳುತ್ತಿದ್ದ ವೇಳೆ ಎದುರಿನಿಂದ ಬಂದ ಜೀಪ್ ಡಿಕ್ಕಿ ಹೊಡೆದಿದೆ. ತೀವ್ರವಾಗಿ ಗಾಯಗೊಂಡ ಅವರನ್ನು ಆಸ್ಪತ್ರೆಗೆ ಸಾಗಿಸುವ ಮಾರ್ಗ ಮಧ್ಯೆ ಮೃತಪಟ್ಟಿದ್ದಾರೆ. ಈ ಸಂಬಂಧ ಬೈಲುಕುಪ್ಪೆ ಪೊಲೀಸ್ ಠಾಣೆಯಲ್ಲಿ ಪ್ರಕರಣ ದಾಖಲಾಗಿದೆ.
ಮುಡಾ ವ್ಯಾಪ್ತಿ ಗ್ರಾಮಾಭಿವೃದ್ಧಿಗೆ ನೀಡಿದ್ದ ಒನ್ ಟೈಂ
ಗ್ರಾಂಟ್‌ನಲ್ಲಿ ಉಳಿದ 44 ಕೋಟಿ ಬಳಕೆಗೂ ಸಂಪುಟ ಅಸ್ತು
ಮೈಸೂರು, ನ.16– ಮೈಸೂರು ನಗರಾಭಿವೃದ್ಧಿ ಪ್ರಾಧಿಕಾರ (ಮುಡಾ)ದ ವ್ಯಾಪ್ತಿಯಲ್ಲಿನ ಗ್ರಾಮಗಳ ಅಭಿವೃದ್ಧಿಗಾಗಿ ನೀಡಲಾಗಿದ್ದ ಒನ್ ಟೈಂ ಗ್ರಾಂಟ್ 371 ಕೋಟಿ ರೂ.ಗಳಲ್ಲಿ ಉಳಿದ 44 ಕೋಟಿ ರೂ. ಬಳಕೆಗೆ ಸಚಿವ ಸಂಪುಟ ಸಭೆ ಅನುಮೋದನೆ ನೀಡಿದೆ. ಮುಡಾ ವ್ಯಾಪ್ತಿಯ ಗ್ರಾಮಗಳ ಅಭಿವೃದ್ಧಿಗೆ ಬಳಸಲು ಅನುಮತಿ ನೀಡಲಾಗಿದೆ ಎಂದು ಸಚಿವರು ತಿಳಿಸಿದರು. ಸಂಪುಟ ಸಭೆಯಲ್ಲಿ 16 ವಿಷಯಗಳನ್ನು ಪರಿಶೀಲಿಸಲಾಯಿತು. ಕರ್ನಾಟಕ ನಗರ ಸೇವಾ ನಿಯಮ, ಇ-ಸ್ವತ್ತು ವಿತರಣೆ ಸೇರಿದಂತೆ ಹಲವು ಪ್ರಮುಖ ನಿರ್ಧಾರಗಳನ್ನು ಕೈಗೊಳ್ಳಲಾಯಿತು. ಮುಖ್ಯಮಂತ್ರಿ ಸಿದ್ದರಾಮಯ್ಯ ಅಧ್ಯಕ್ಷತೆಯಲ್ಲಿ ನಡೆದ ಸಭೆಯಲ್ಲಿ ಈ ನಿರ್ಧಾರ ಕೈಗೊಳ್ಳಲಾಗಿದೆ. ಜಿಲ್ಲೆಯ ವಿವಿಧ ಕಾಮಗಾರಿಗಳಿಗೆ ಅನುದಾನ ಬಿಡುಗಡೆ ಮಾಡುವ ಕುರಿತು ಸಹ ಚರ್ಚಿಸಲಾಯಿತು. ಇಂದಿರಾ ಕ್ಯಾಂಟೀನ್ ನಿರ್ಮಾಣ, ಕುಡಿಯುವ ನೀರು ಪೂರೈಕೆ ಯೋಜನೆಗಳು ಹಾಗೂ ರಸ್ತೆ ಅಭಿವೃದ್ಧಿ ಕಾಮಗಾರಿಗಳಿಗೂ ಅನುಮೋದನೆ ದೊರೆತಿದೆ. 154 ಕೋಟಿ ರೂ. ಮೊತ್ತದ 188 ಇಂದಿರಾ ಕ್ಯಾಂಟೀನ್ ನಿರ್ಮಾಣಕ್ಕೆ ಒಪ್ಪಿಗೆ ನೀಡಲಾಗಿದೆ ಎಂದು ತಿಳಿಸಿದರು.
